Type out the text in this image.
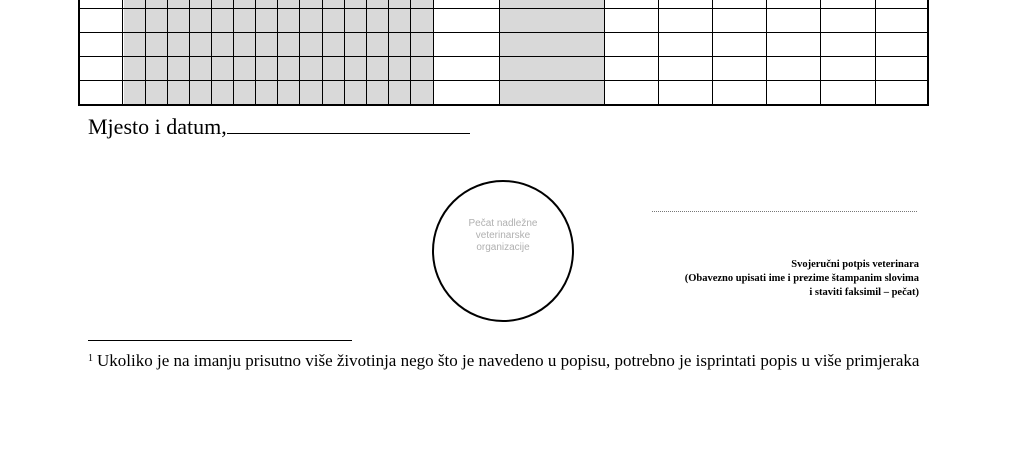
Mjesto i datum,
Pečat nadležne
veterinarske
organizacije
Svojeručni potpis veterinara
(Obavezno upisati ime i prezime štampanim slovima
i staviti faksimil – pečat)
$^1$ Ukoliko je na imanju prisutno više životinja nego što je navedeno u popisu, potrebno je isprintati popis u više primjeraka
